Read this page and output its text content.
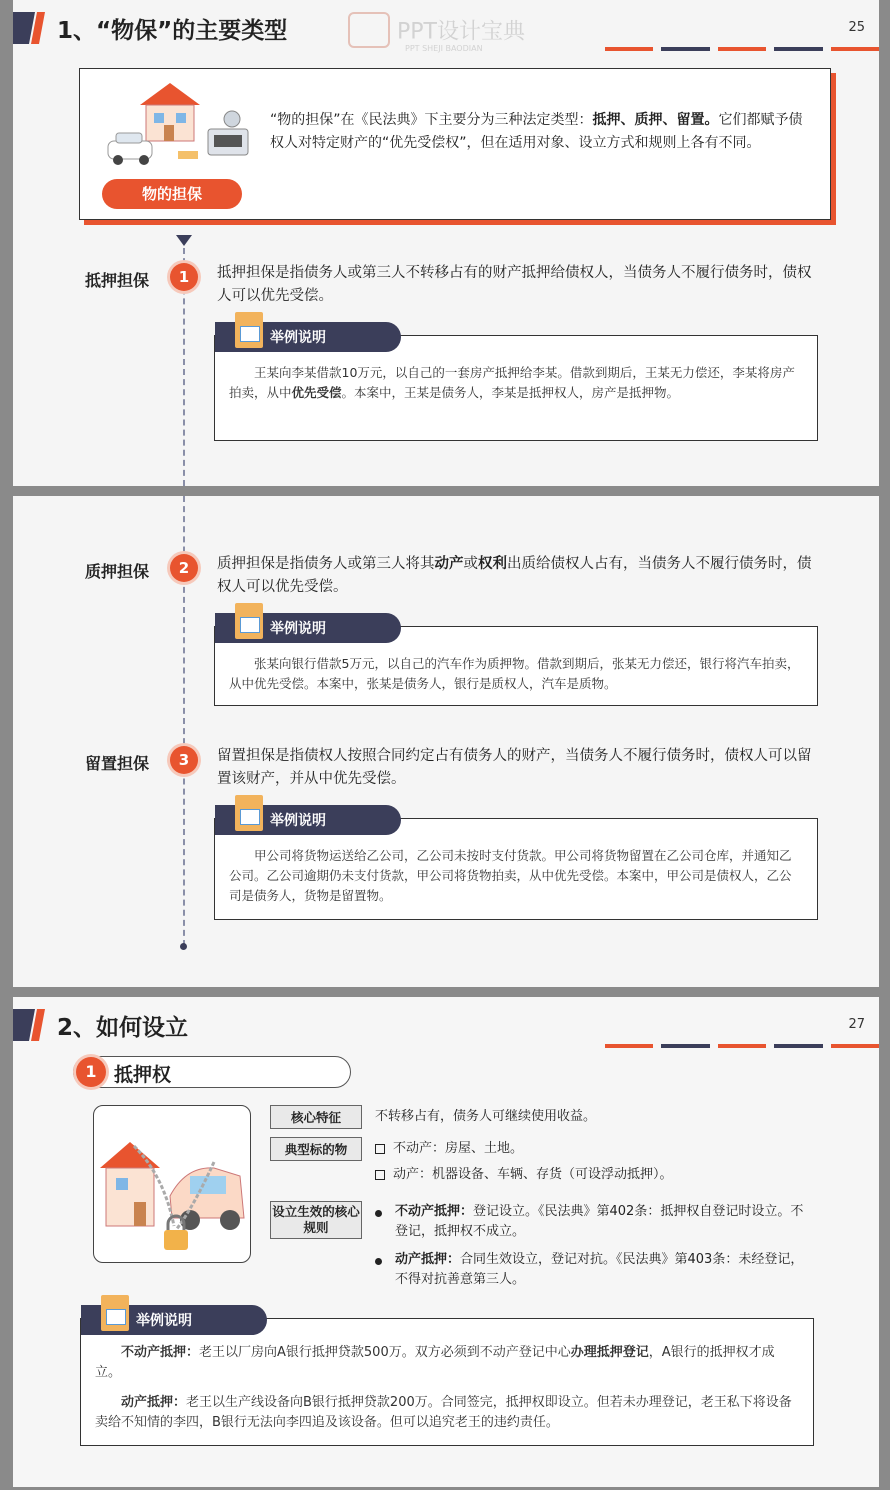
1、“物保”的主要类型	25
PPT设计宝典
PPT SHEJI BAODIAN
物的担保
“物的担保”在《民法典》下主要分为三种法定类型：抵押、质押、留置。它们都赋予债权人对特定财产的“优先受偿权”，但在适用对象、设立方式和规则上各有不同。
抵押担保	1	抵押担保是指债务人或第三人不转移占有的财产抵押给债权人，当债务人不履行债务时，债权人可以优先受偿。
举例说明
王某向李某借款10万元，以自己的一套房产抵押给李某。借款到期后，王某无力偿还，李某将房产拍卖，从中优先受偿。本案中，王某是债务人，李某是抵押权人，房产是抵押物。
质押担保	2	质押担保是指债务人或第三人将其动产或权利出质给债权人占有，当债务人不履行债务时，债权人可以优先受偿。
举例说明
张某向银行借款5万元，以自己的汽车作为质押物。借款到期后，张某无力偿还，银行将汽车拍卖，从中优先受偿。本案中，张某是债务人，银行是质权人，汽车是质物。
留置担保	3	留置担保是指债权人按照合同约定占有债务人的财产，当债务人不履行债务时，债权人可以留置该财产，并从中优先受偿。
举例说明
甲公司将货物运送给乙公司，乙公司未按时支付货款。甲公司将货物留置在乙公司仓库，并通知乙公司。乙公司逾期仍未支付货款，甲公司将货物拍卖，从中优先受偿。本案中，甲公司是债权人，乙公司是债务人，货物是留置物。
2、如何设立	27
1 抵押权
核心特征	不转移占有，债务人可继续使用收益。
典型标的物	不动产：房屋、土地。
动产：机器设备、车辆、存货（可设浮动抵押）。
设立生效的核心规则
不动产抵押：登记设立。《民法典》第402条：抵押权自登记时设立。不登记，抵押权不成立。
动产抵押：合同生效设立，登记对抗。《民法典》第403条：未经登记，不得对抗善意第三人。
举例说明
不动产抵押：老王以厂房向A银行抵押贷款500万。双方必须到不动产登记中心办理抵押登记，A银行的抵押权才成立。
动产抵押：老王以生产线设备向B银行抵押贷款200万。合同签完，抵押权即设立。但若未办理登记，老王私下将设备卖给不知情的李四，B银行无法向李四追及该设备。但可以追究老王的违约责任。
